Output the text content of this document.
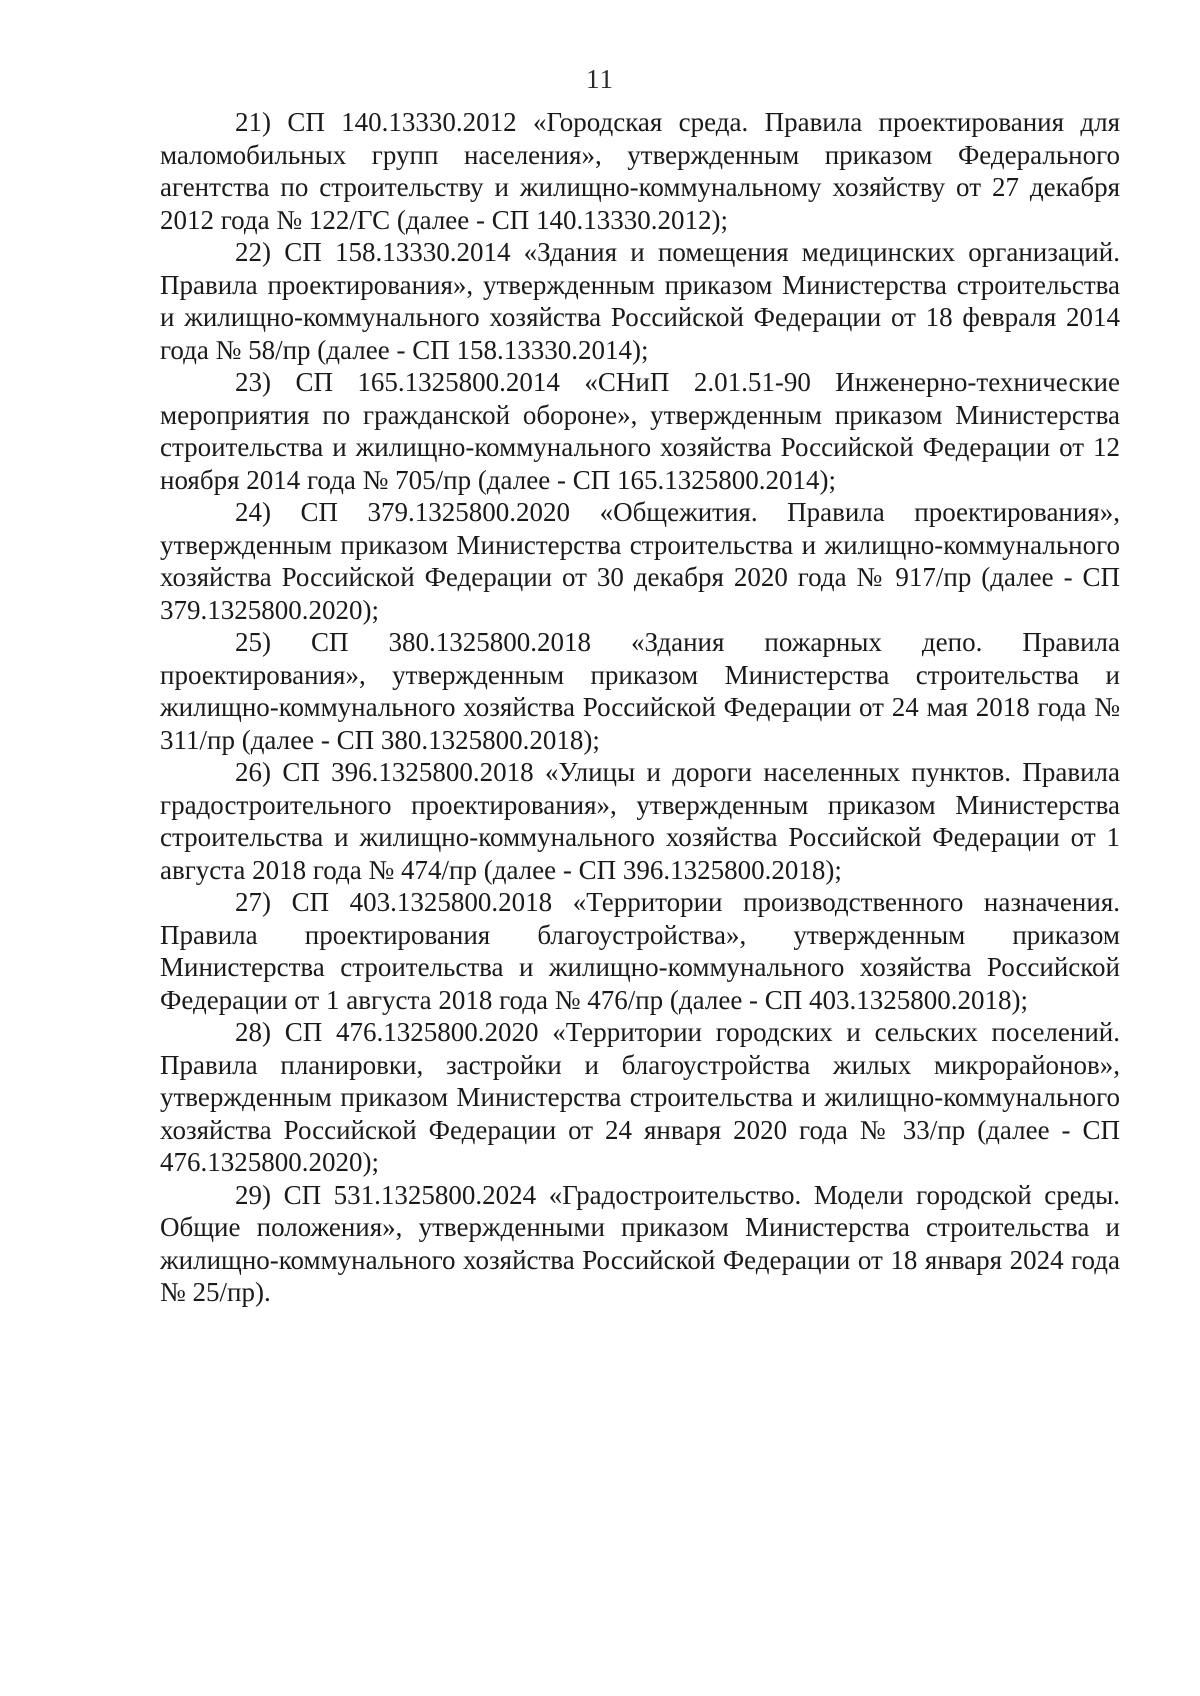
11

21) СП 140.13330.2012 «Городская среда. Правила проектирования для маломобильных групп населения», утвержденным приказом Федерального агентства по строительству и жилищно-коммунальному хозяйству от 27 декабря 2012 года № 122/ГС (далее - СП 140.13330.2012);

22) СП 158.13330.2014 «Здания и помещения медицинских организаций. Правила проектирования», утвержденным приказом Министерства строительства и жилищно-коммунального хозяйства Российской Федерации от 18 февраля 2014 года № 58/пр (далее - СП 158.13330.2014);

23) СП 165.1325800.2014 «СНиП 2.01.51-90 Инженерно-технические мероприятия по гражданской обороне», утвержденным приказом Министерства строительства и жилищно-коммунального хозяйства Российской Федерации от 12 ноября 2014 года № 705/пр (далее - СП 165.1325800.2014);

24) СП 379.1325800.2020 «Общежития. Правила проектирования», утвержденным приказом Министерства строительства и жилищно-коммунального хозяйства Российской Федерации от 30 декабря 2020 года № 917/пр (далее - СП 379.1325800.2020);

25) СП 380.1325800.2018 «Здания пожарных депо. Правила проектирования», утвержденным приказом Министерства строительства и жилищно-коммунального хозяйства Российской Федерации от 24 мая 2018 года № 311/пр (далее - СП 380.1325800.2018);

26) СП 396.1325800.2018 «Улицы и дороги населенных пунктов. Правила градостроительного проектирования», утвержденным приказом Министерства строительства и жилищно-коммунального хозяйства Российской Федерации от 1 августа 2018 года № 474/пр (далее - СП 396.1325800.2018);

27) СП 403.1325800.2018 «Территории производственного назначения. Правила проектирования благоустройства», утвержденным приказом Министерства строительства и жилищно-коммунального хозяйства Российской Федерации от 1 августа 2018 года № 476/пр (далее - СП 403.1325800.2018);

28) СП 476.1325800.2020 «Территории городских и сельских поселений. Правила планировки, застройки и благоустройства жилых микрорайонов», утвержденным приказом Министерства строительства и жилищно-коммунального хозяйства Российской Федерации от 24 января 2020 года № 33/пр (далее - СП 476.1325800.2020);

29) СП 531.1325800.2024 «Градостроительство. Модели городской среды. Общие положения», утвержденными приказом Министерства строительства и жилищно-коммунального хозяйства Российской Федерации от 18 января 2024 года № 25/пр).
